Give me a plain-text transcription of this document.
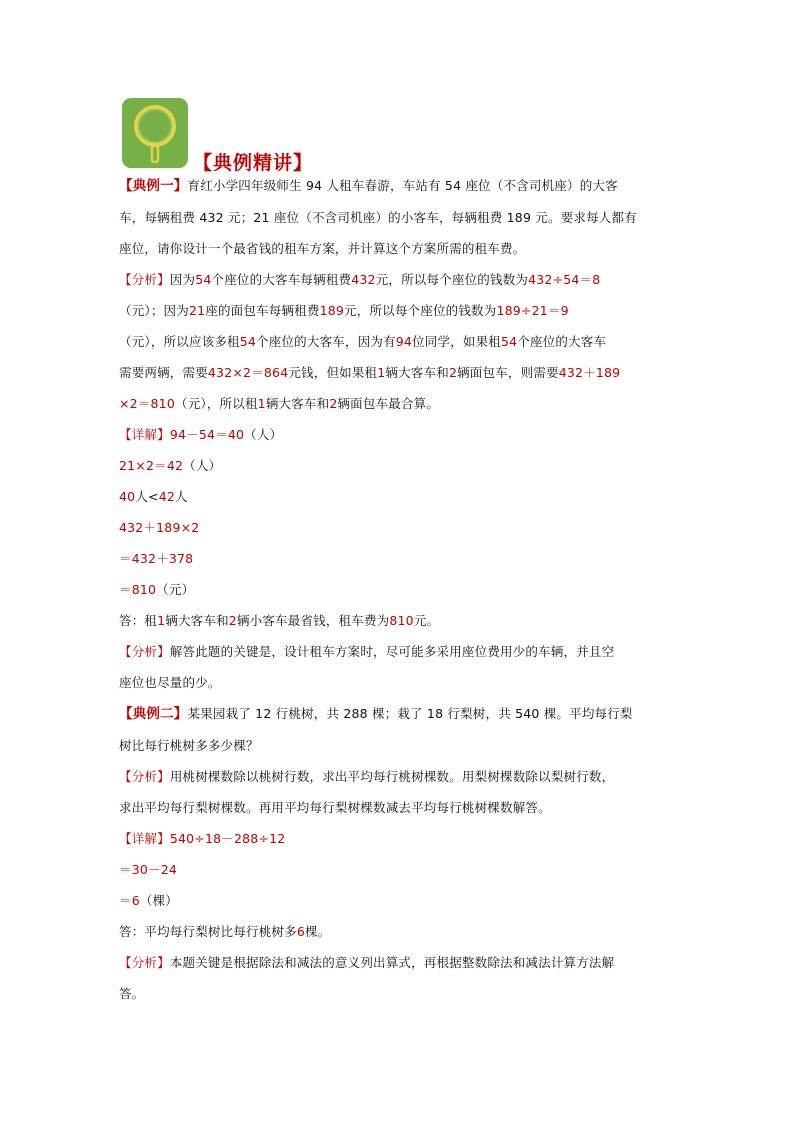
【典例精讲】
【典例一】育红小学四年级师生 94 人租车春游，车站有 54 座位（不含司机座）的大客
车，每辆租费 432 元；21 座位（不含司机座）的小客车，每辆租费 189 元。要求每人都有
座位，请你设计一个最省钱的租车方案，并计算这个方案所需的租车费。
【分析】因为54个座位的大客车每辆租费432元，所以每个座位的钱数为432÷54＝8
（元）；因为21座的面包车每辆租费189元，所以每个座位的钱数为189÷21＝9
（元），所以应该多租54个座位的大客车，因为有94位同学，如果租54个座位的大客车
需要两辆，需要432×2＝864元钱，但如果租1辆大客车和2辆面包车，则需要432＋189
×2＝810（元），所以租1辆大客车和2辆面包车最合算。
【详解】94－54＝40（人）
21×2＝42（人）
40人<42人
432＋189×2
＝432＋378
＝810（元）
答：租1辆大客车和2辆小客车最省钱，租车费为810元。
【分析】解答此题的关键是，设计租车方案时，尽可能多采用座位费用少的车辆，并且空
座位也尽量的少。
【典例二】某果园栽了 12 行桃树，共 288 棵；栽了 18 行梨树，共 540 棵。平均每行梨
树比每行桃树多多少棵？
【分析】用桃树棵数除以桃树行数，求出平均每行桃树棵数。用梨树棵数除以梨树行数，
求出平均每行梨树棵数。再用平均每行梨树棵数减去平均每行桃树棵数解答。
【详解】540÷18－288÷12
＝30－24
＝6（棵）
答：平均每行梨树比每行桃树多6棵。
【分析】本题关键是根据除法和减法的意义列出算式，再根据整数除法和减法计算方法解
答。
